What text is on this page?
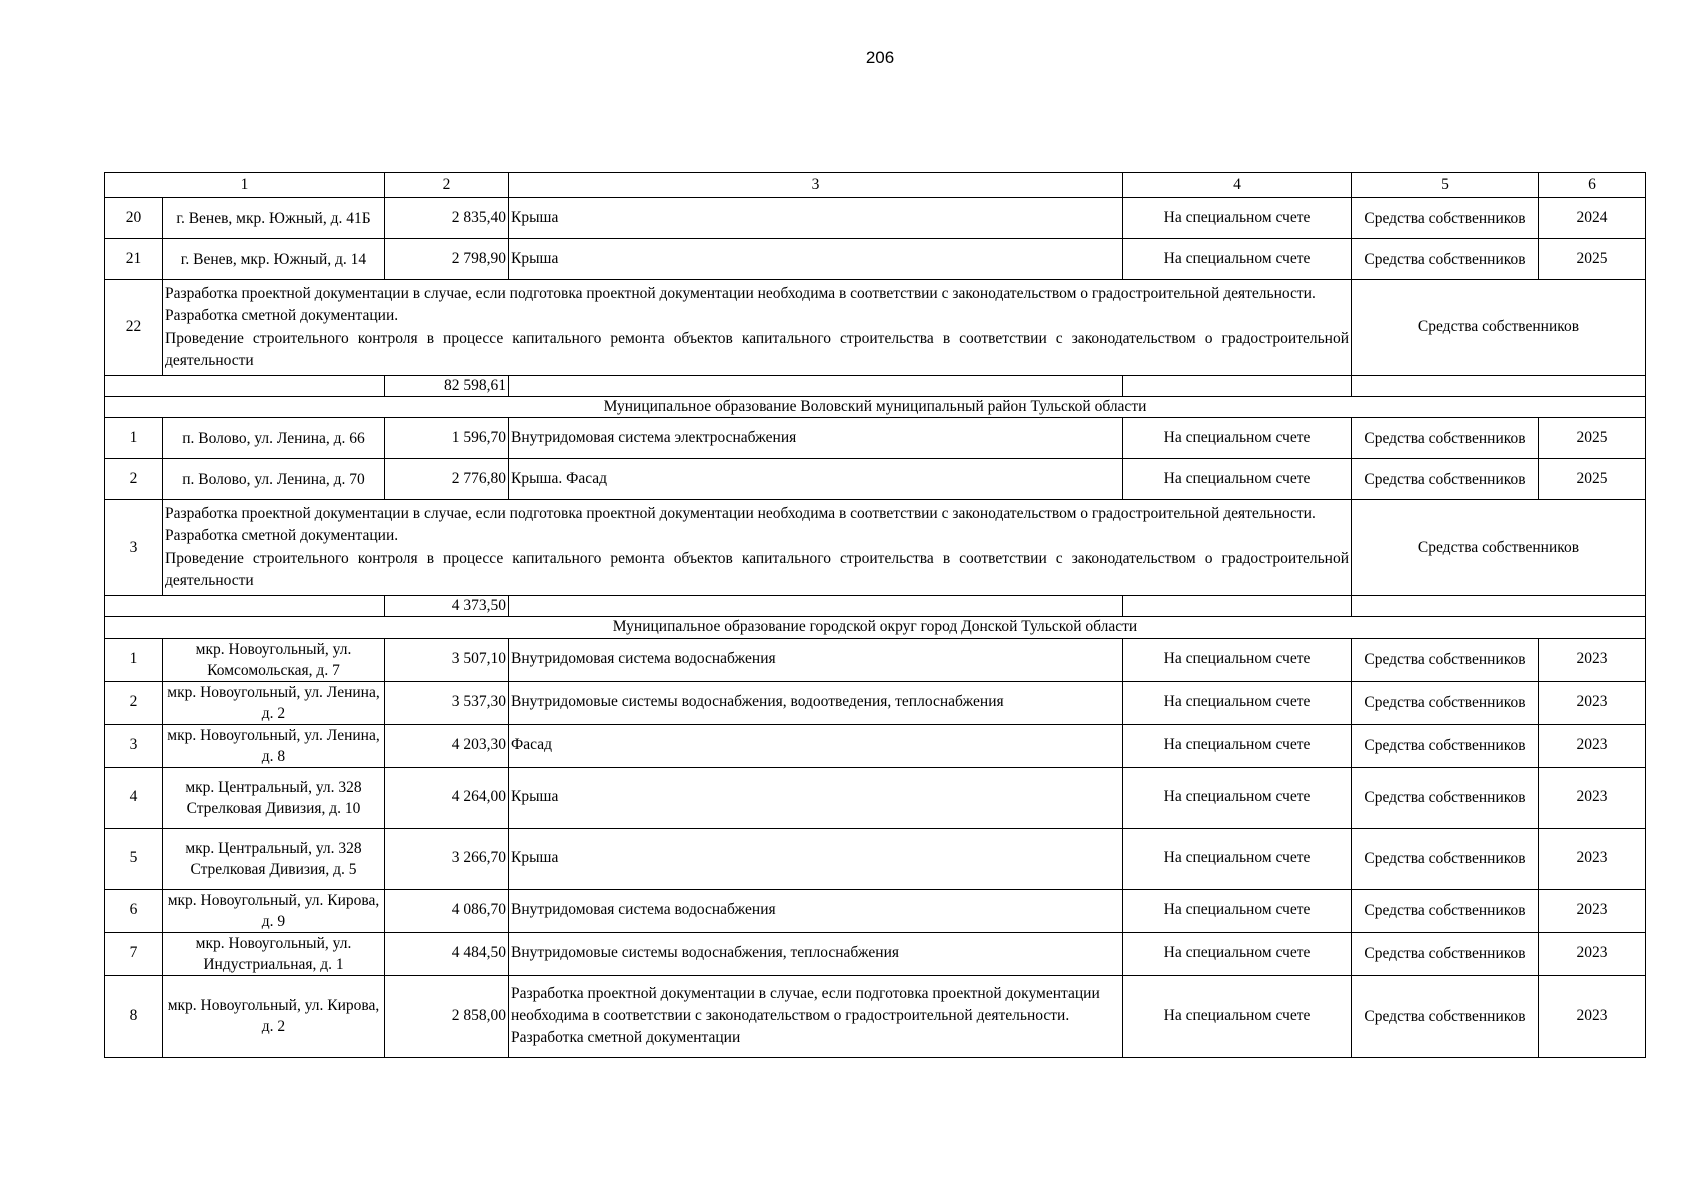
206
1		2	3	4	5	6
20	г. Венев, мкр. Южный, д. 41Б	2 835,40	Крыша	На специальном счете	Средства собственников	2024
21	г. Венев, мкр. Южный, д. 14	2 798,90	Крыша	На специальном счете	Средства собственников	2025
22	Разработка проектной документации в случае, если подготовка проектной документации необходима в соответствии с законодательством о градостроительной деятельности.
Разработка сметной документации.
Проведение строительного контроля в процессе капитального ремонта объектов капитального строительства в соответствии с законодательством о градостроительной деятельности				Средства собственников	
		82 598,61				
Муниципальное образование Воловский муниципальный район Тульской области						
1	п. Волово, ул. Ленина, д. 66	1 596,70	Внутридомовая система электроснабжения	На специальном счете	Средства собственников	2025
2	п. Волово, ул. Ленина, д. 70	2 776,80	Крыша. Фасад	На специальном счете	Средства собственников	2025
3	Разработка проектной документации в случае, если подготовка проектной документации необходима в соответствии с законодательством о градостроительной деятельности.
Разработка сметной документации.
Проведение строительного контроля в процессе капитального ремонта объектов капитального строительства в соответствии с законодательством о градостроительной деятельности				Средства собственников	
		4 373,50				
Муниципальное образование городской округ город Донской Тульской области						
1	мкр. Новоугольный, ул. Комсомольская, д. 7	3 507,10	Внутридомовая система водоснабжения	На специальном счете	Средства собственников	2023
2	мкр. Новоугольный, ул. Ленина, д. 2	3 537,30	Внутридомовые системы водоснабжения, водоотведения, теплоснабжения	На специальном счете	Средства собственников	2023
3	мкр. Новоугольный, ул. Ленина, д. 8	4 203,30	Фасад	На специальном счете	Средства собственников	2023
4	мкр. Центральный, ул. 328 Стрелковая Дивизия, д. 10	4 264,00	Крыша	На специальном счете	Средства собственников	2023
5	мкр. Центральный, ул. 328 Стрелковая Дивизия, д. 5	3 266,70	Крыша	На специальном счете	Средства собственников	2023
6	мкр. Новоугольный, ул. Кирова, д. 9	4 086,70	Внутридомовая система водоснабжения	На специальном счете	Средства собственников	2023
7	мкр. Новоугольный, ул. Индустриальная, д. 1	4 484,50	Внутридомовые системы водоснабжения, теплоснабжения	На специальном счете	Средства собственников	2023
8	мкр. Новоугольный, ул. Кирова, д. 2	2 858,00	Разработка проектной документации в случае, если подготовка проектной документации необходима в соответствии с законодательством о градостроительной деятельности. Разработка сметной документации	На специальном счете	Средства собственников	2023
